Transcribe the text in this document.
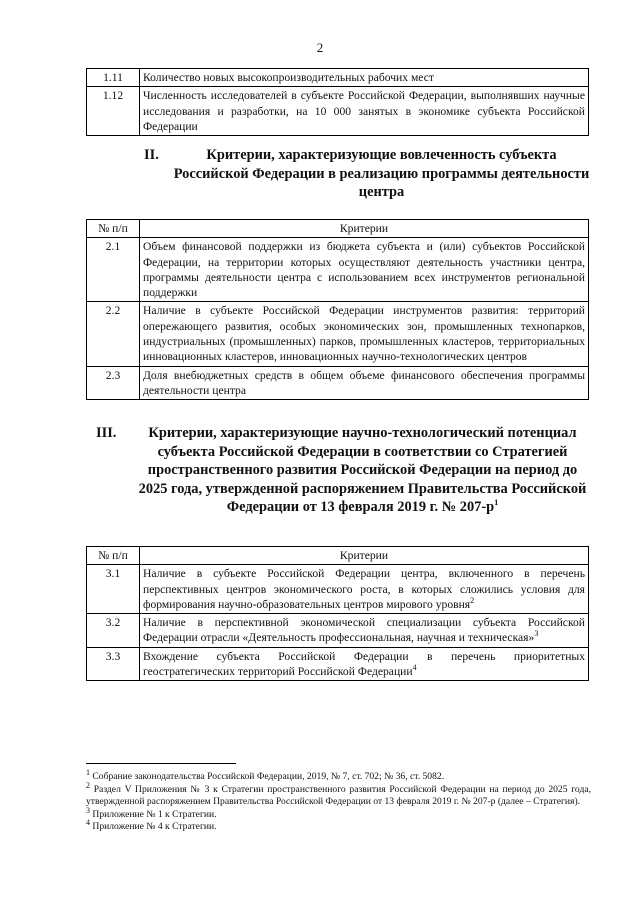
2
1.11	Количество новых высокопроизводительных рабочих мест
1.12	Численность исследователей в субъекте Российской Федерации, выполнявших научные исследования и разработки, на 10 000 занятых в экономике субъекта Российской Федерации
II.	Критерии, характеризующие вовлеченность субъекта Российской Федерации в реализацию программы деятельности центра
№ п/п	Критерии
2.1	Объем финансовой поддержки из бюджета субъекта и (или) субъектов Российской Федерации, на территории которых осуществляют деятельность участники центра, программы деятельности центра с использованием всех инструментов региональной поддержки
2.2	Наличие в субъекте Российской Федерации инструментов развития: территорий опережающего развития, особых экономических зон, промышленных технопарков, индустриальных (промышленных) парков, промышленных кластеров, территориальных инновационных кластеров, инновационных научно-технологических центров
2.3	Доля внебюджетных средств в общем объеме финансового обеспечения программы деятельности центра
III.	Критерии, характеризующие научно-технологический потенциал субъекта Российской Федерации в соответствии со Стратегией пространственного развития Российской Федерации на период до 2025 года, утвержденной распоряжением Правительства Российской Федерации от 13 февраля 2019 г. № $207-р^1$
№ п/п	Критерии
3.1	Наличие в субъекте Российской Федерации центра, включенного в перечень перспективных центров экономического роста, в которых сложились условия для формирования научно-образовательных центров мирового уровня$^2$
3.2	Наличие в перспективной экономической специализации субъекта Российской Федерации отрасли «Деятельность профессиональная, научная и техническая»$^3$
3.3	Вхождение субъекта Российской Федерации в перечень приоритетных геостратегических территорий Российской Федерации$^4$

$^1$ Собрание законодательства Российской Федерации, 2019, № 7, ст. 702; № 36, ст. 5082.

$^2$ Раздел V Приложения № 3 к Стратегии пространственного развития Российской Федерации на период до 2025 года, утвержденной распоряжением Правительства Российской Федерации от 13 февраля 2019 г. № 207-р (далее – Стратегия).

$^3$ Приложение № 1 к Стратегии.

$^4$ Приложение № 4 к Стратегии.
